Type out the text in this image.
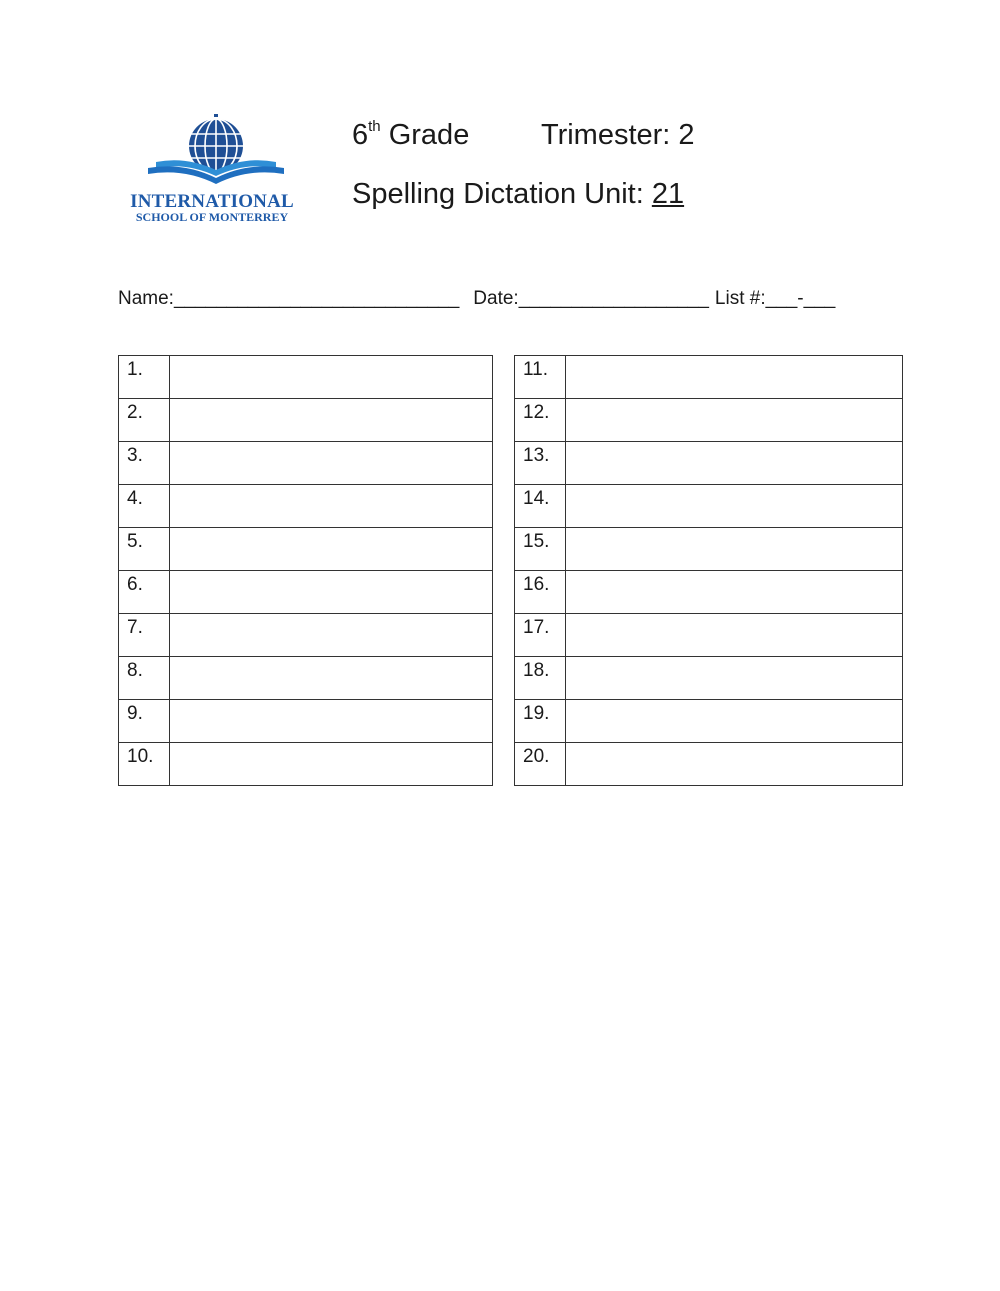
INTERNATIONAL
SCHOOL OF MONTERREY
6th Grade Trimester: 2
Spelling Dictation Unit: 21
Name:___________________________ Date:__________________ List #:___-___
1.	
2.	
3.	
4.	
5.	
6.	
7.	
8.	
9.	
10.	
11.	
12.	
13.	
14.	
15.	
16.	
17.	
18.	
19.	
20.	
